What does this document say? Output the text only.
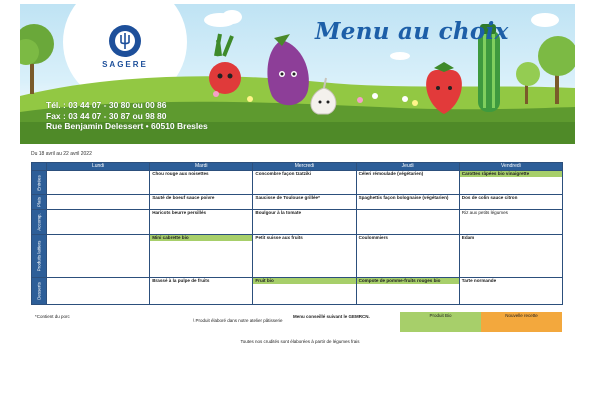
SAGERE
Menu au choix
Tél. : 03 44 07 - 30 80 ou 00 86
Fax : 03 44 07 - 30 87 ou 98 80
Rue Benjamin Delessert • 60510 Bresles
Du 18 avril au 22 avril 2022
	Lundi	Mardi	Mercredi	Jeudi	Vendredi

Entrées		Chou rouge aux noisettes	Concombre façon tzatziki	Céleri rémoulade (végétarien)	Carottes râpées bio vinaigrette

Plats		Sauté de boeuf sauce poivre	Saucisse de Toulouse grillée*	Spaghettis façon bolognaise (végétarien)	Dos de colin sauce citron

Accomp.		Haricots beurre persillés	Boulgour à la tomate		Riz aux petits légumes

Produits laitiers		Mini cabrette bio	Petit suisse aux fruits	Coulommiers	Edam

Desserts		Brassé à la pulpe de fruits	Fruit bio	Compote de pomme-fruits rouges bio	Tarte normande
*Contient du porc
\ Produit élaboré dans notre atelier pâtisserie
Menu conseillé suivant le GEMRCN.	Produit Bio	Nouvelle recette
Toutes nos crudités sont élaborées à partir de légumes frais
